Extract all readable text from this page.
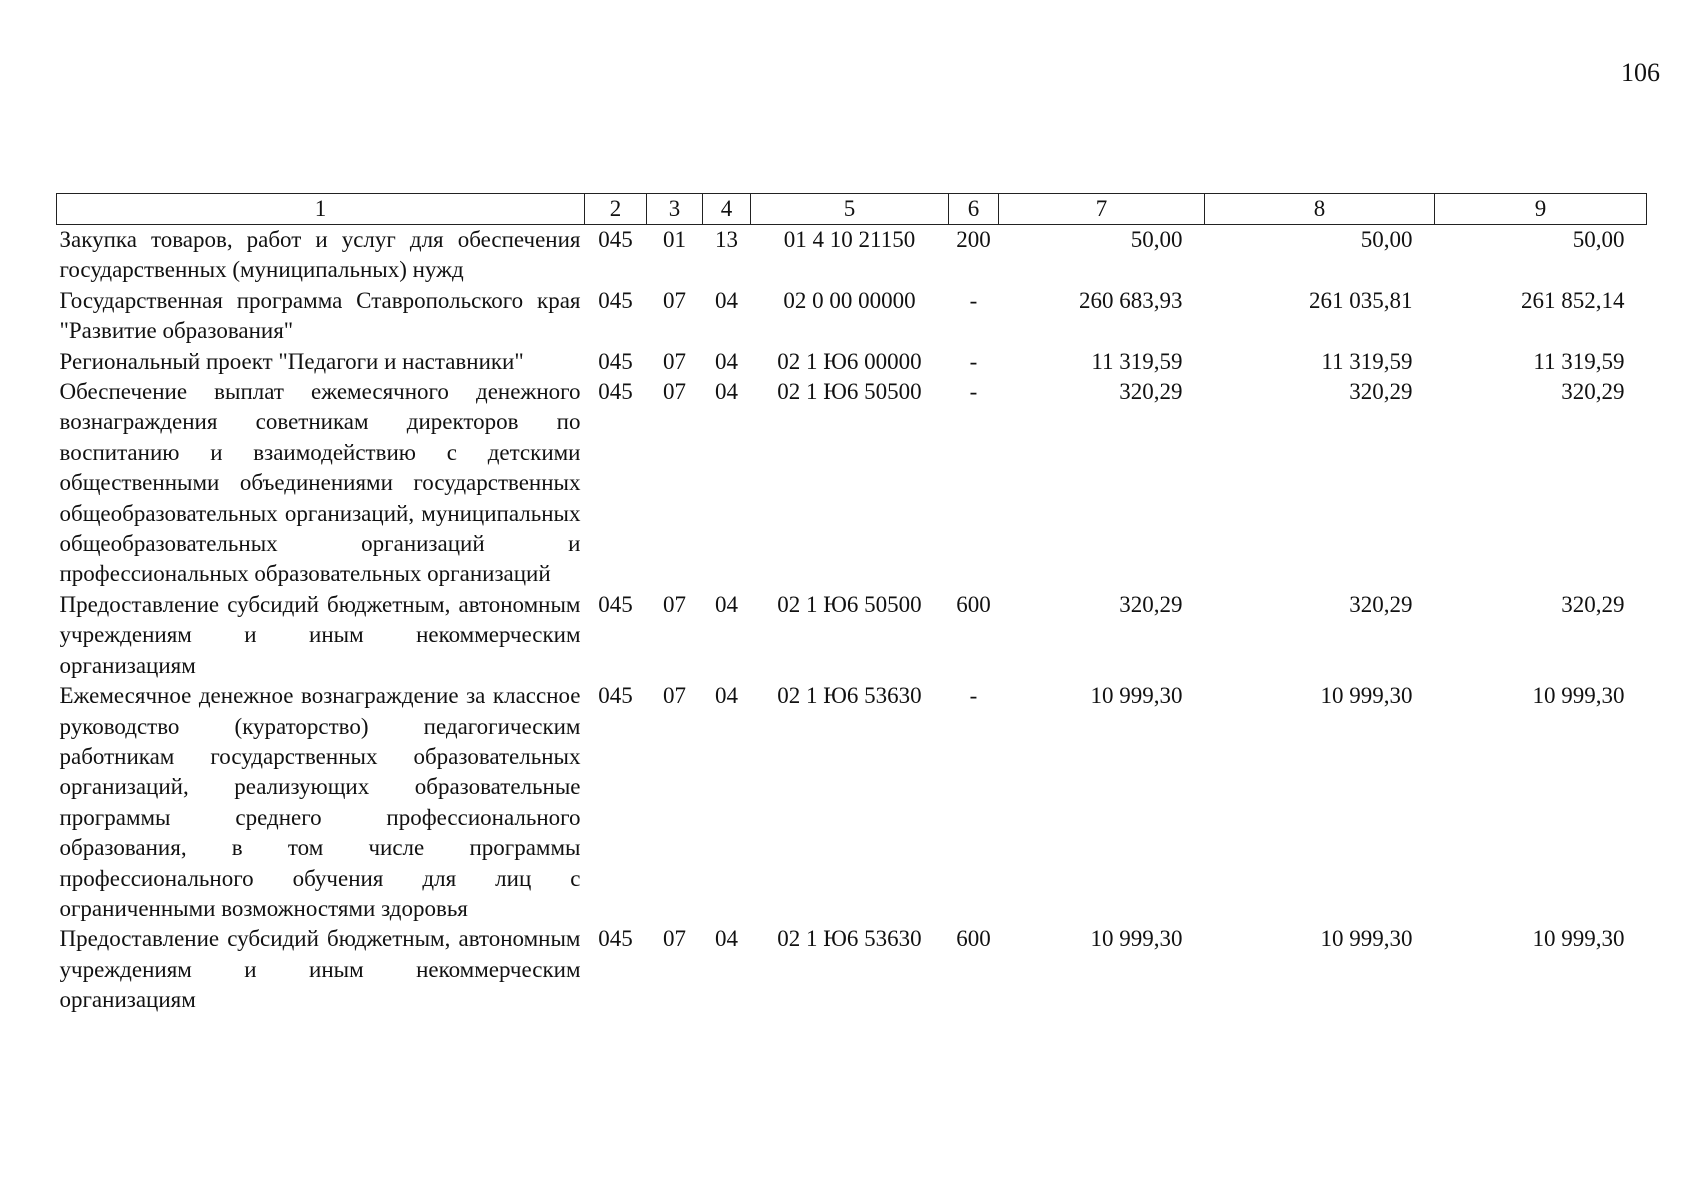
106
1	2	3	4	5	6	7	8	9
Закупка товаров, работ и услуг для обеспечения государственных (муниципальных) нужд	045	01	13	01 4 10 21150	200	50,00	50,00	50,00
Государственная программа Ставропольского края "Развитие образования"	045	07	04	02 0 00 00000	-	260 683,93	261 035,81	261 852,14
Региональный проект "Педагоги и наставники"	045	07	04	02 1 Ю6 00000	-	11 319,59	11 319,59	11 319,59
Обеспечение выплат ежемесячного денежного вознаграждения советникам директоров по воспитанию и взаимодействию с детскими общественными объединениями государственных общеобразовательных организаций, муниципальных общеобразовательных организаций и профессиональных образовательных организаций	045	07	04	02 1 Ю6 50500	-	320,29	320,29	320,29
Предоставление субсидий бюджетным, автономным учреждениям и иным некоммерческим организациям	045	07	04	02 1 Ю6 50500	600	320,29	320,29	320,29
Ежемесячное денежное вознаграждение за классное руководство (кураторство) педагогическим работникам государственных образовательных организаций, реализующих образовательные программы среднего профессионального образования, в том числе программы профессионального обучения для лиц с ограниченными возможностями здоровья	045	07	04	02 1 Ю6 53630	-	10 999,30	10 999,30	10 999,30
Предоставление субсидий бюджетным, автономным учреждениям и иным некоммерческим организациям	045	07	04	02 1 Ю6 53630	600	10 999,30	10 999,30	10 999,30
